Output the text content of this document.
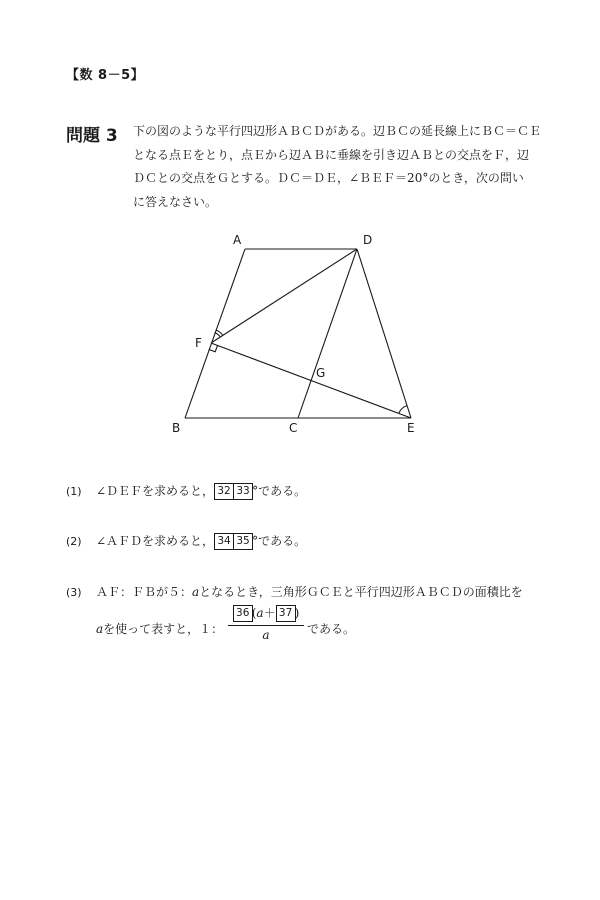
【数 8－5】
問題 3 下の図のような平行四辺形ＡＢＣＤがある。辺ＢＣの延長線上にＢＣ＝ＣＥ
となる点Ｅをとり，点Ｅから辺ＡＢに垂線を引き辺ＡＢとの交点をＦ，辺
ＤＣとの交点をＧとする。ＤＣ＝ＤＥ，∠ＢＥＦ＝20°のとき，次の問い
に答えなさい。
A	D
F
G
B	C	E
(1) ∠ＤＥＦを求めると， 32 33 °である。
(2) ∠ＡＦＤを求めると， 34 35 °である。
(3) ＡＦ：ＦＢが５：aとなるとき，三角形ＧＣＥと平行四辺形ＡＢＣＤの面積比を
aを使って表すと，１：
36 (a＋ 37 )
a	である。
